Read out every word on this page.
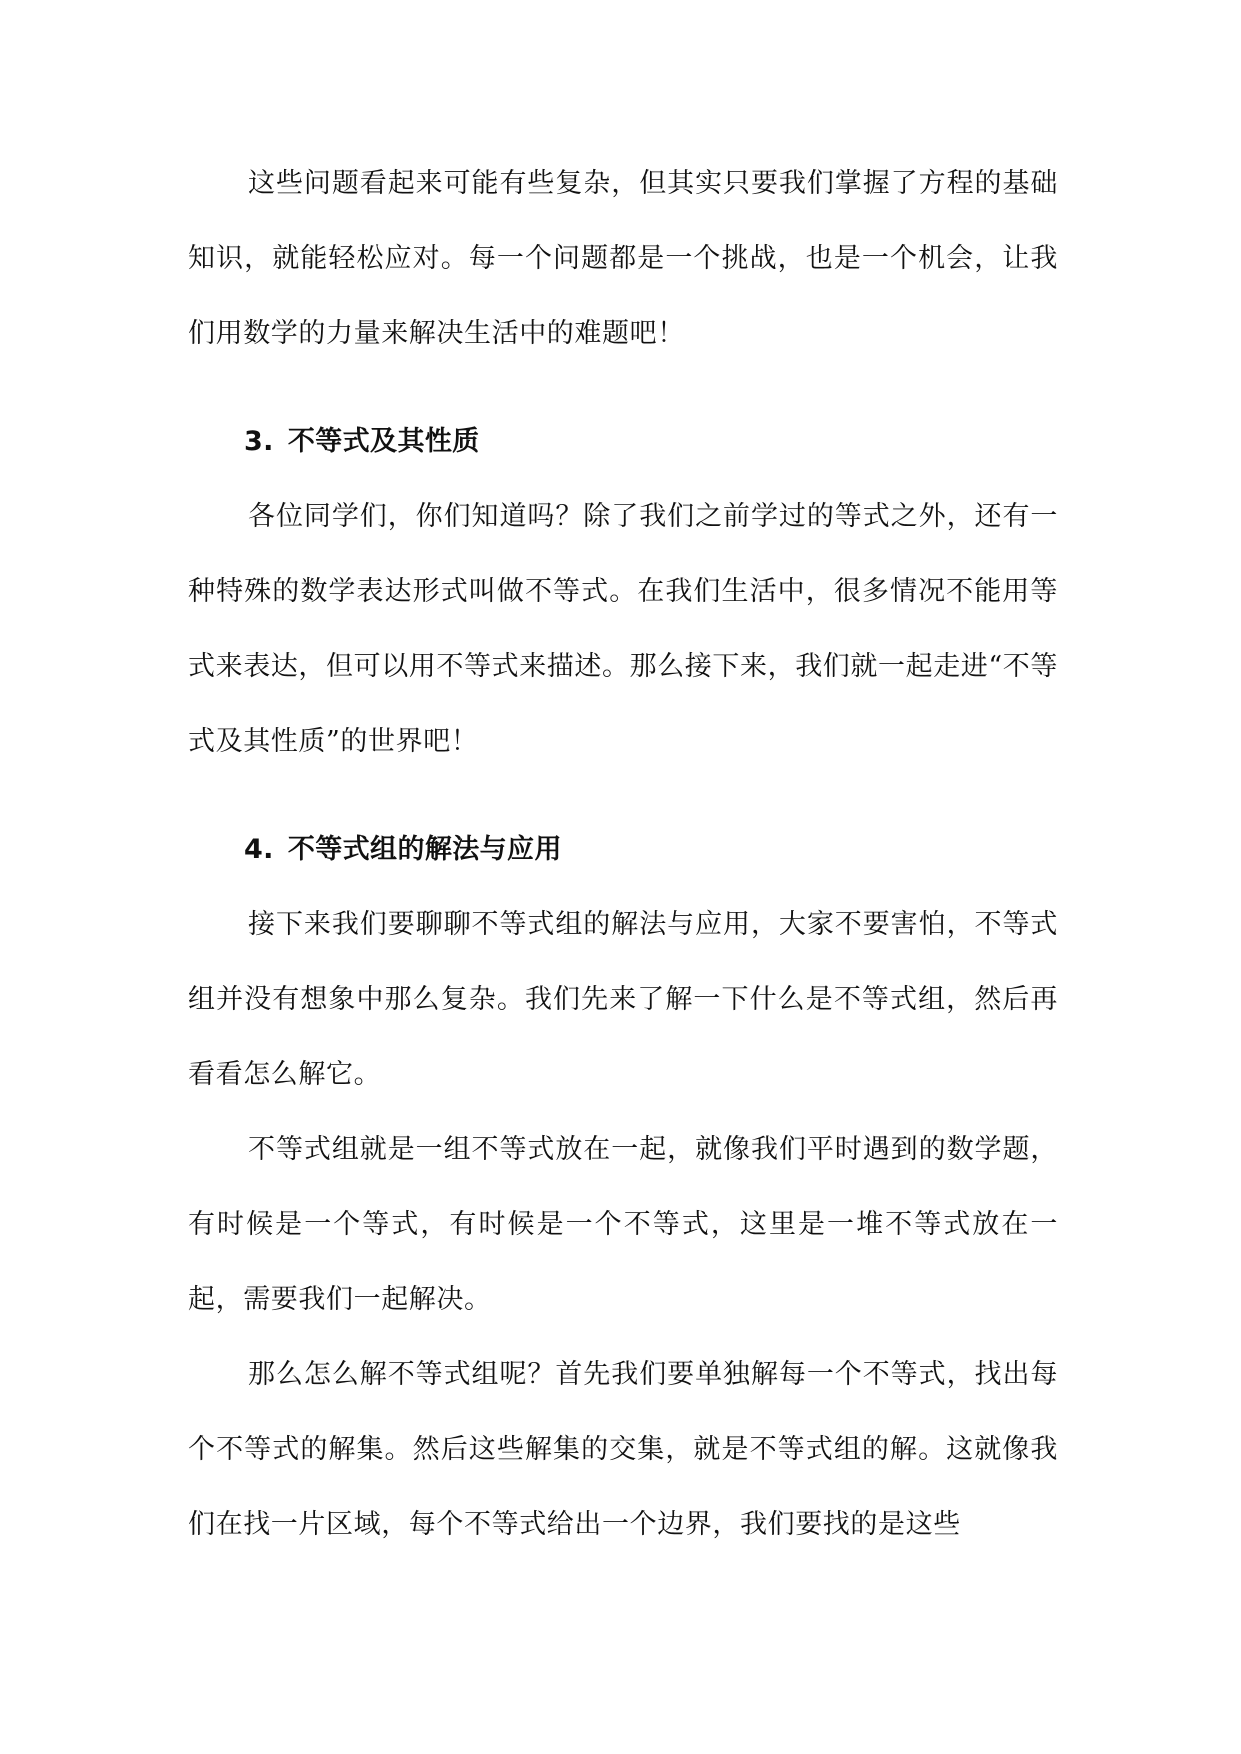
这些问题看起来可能有些复杂，但其实只要我们掌握了方程的基础知识，就能轻松应对。每一个问题都是一个挑战，也是一个机会，让我们用数学的力量来解决生活中的难题吧！

3. 不等式及其性质

各位同学们，你们知道吗？除了我们之前学过的等式之外，还有一种特殊的数学表达形式叫做不等式。在我们生活中，很多情况不能用等式来表达，但可以用不等式来描述。那么接下来，我们就一起走进“不等式及其性质”的世界吧！

4. 不等式组的解法与应用

接下来我们要聊聊不等式组的解法与应用，大家不要害怕，不等式组并没有想象中那么复杂。我们先来了解一下什么是不等式组，然后再看看怎么解它。

不等式组就是一组不等式放在一起，就像我们平时遇到的数学题，有时候是一个等式，有时候是一个不等式，这里是一堆不等式放在一起，需要我们一起解决。

那么怎么解不等式组呢？首先我们要单独解每一个不等式，找出每个不等式的解集。然后这些解集的交集，就是不等式组的解。这就像我们在找一片区域，每个不等式给出一个边界，我们要找的是这些
